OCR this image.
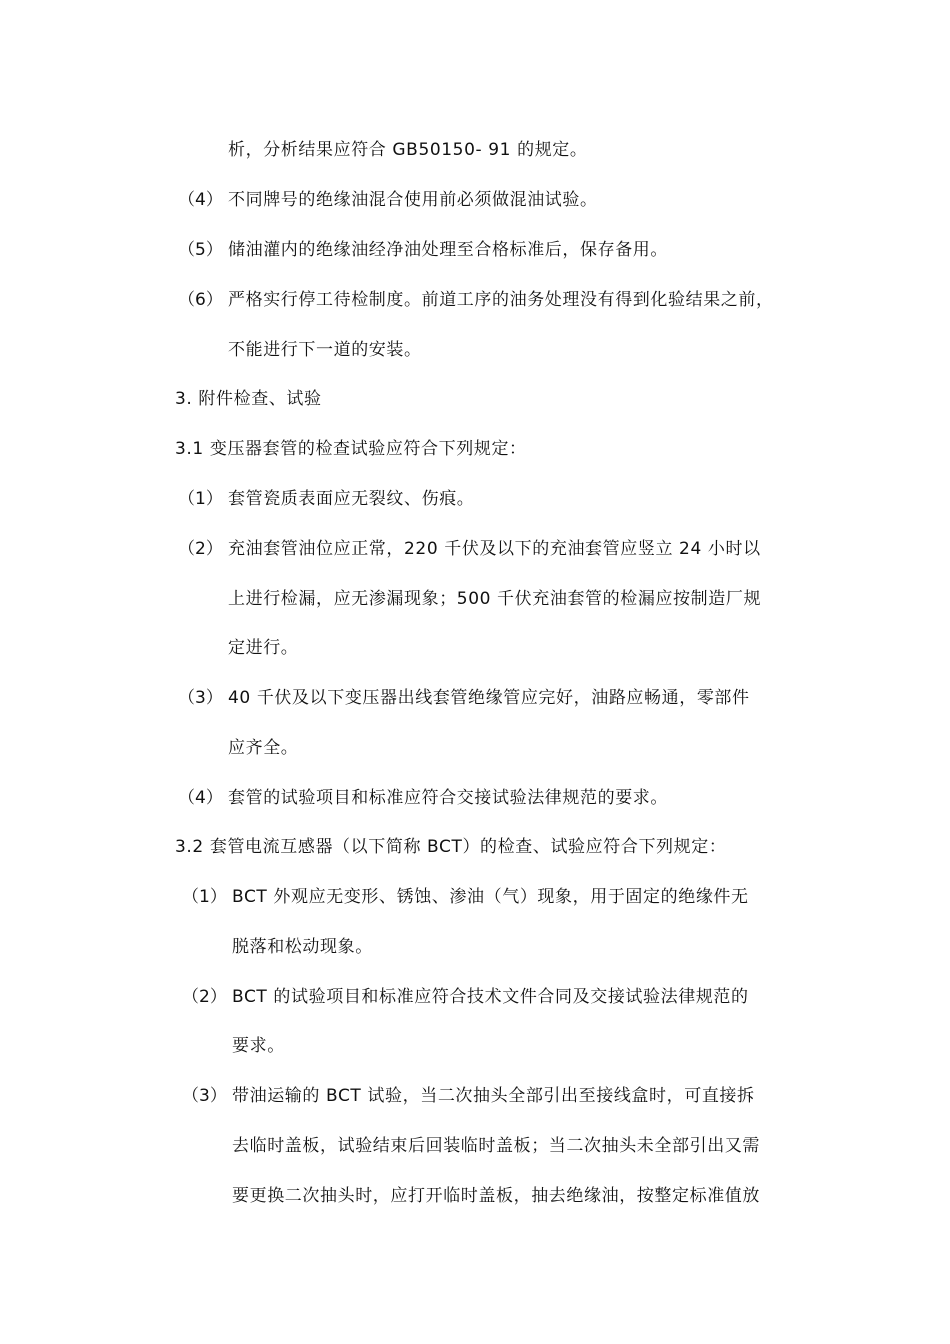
析，分析结果应符合 GB50150- 91 的规定。
（4） 不同牌号的绝缘油混合使用前必须做混油试验。
（5） 储油灌内的绝缘油经净油处理至合格标准后，保存备用。
（6） 严格实行停工待检制度。前道工序的油务处理没有得到化验结果之前，
不能进行下一道的安装。
3. 附件检查、试验
3.1 变压器套管的检查试验应符合下列规定：
（1） 套管瓷质表面应无裂纹、伤痕。
（2） 充油套管油位应正常，220 千伏及以下的充油套管应竖立 24 小时以
上进行检漏，应无渗漏现象；500 千伏充油套管的检漏应按制造厂规
定进行。
（3） 40 千伏及以下变压器出线套管绝缘管应完好，油路应畅通，零部件
应齐全。
（4） 套管的试验项目和标准应符合交接试验法律规范的要求。
3.2 套管电流互感器（以下简称 BCT）的检查、试验应符合下列规定：
（1） BCT 外观应无变形、锈蚀、渗油（气）现象，用于固定的绝缘件无
脱落和松动现象。
（2） BCT 的试验项目和标准应符合技术文件合同及交接试验法律规范的
要求。
（3） 带油运输的 BCT 试验，当二次抽头全部引出至接线盒时，可直接拆
去临时盖板，试验结束后回装临时盖板；当二次抽头未全部引出又需
要更换二次抽头时，应打开临时盖板，抽去绝缘油，按整定标准值放
